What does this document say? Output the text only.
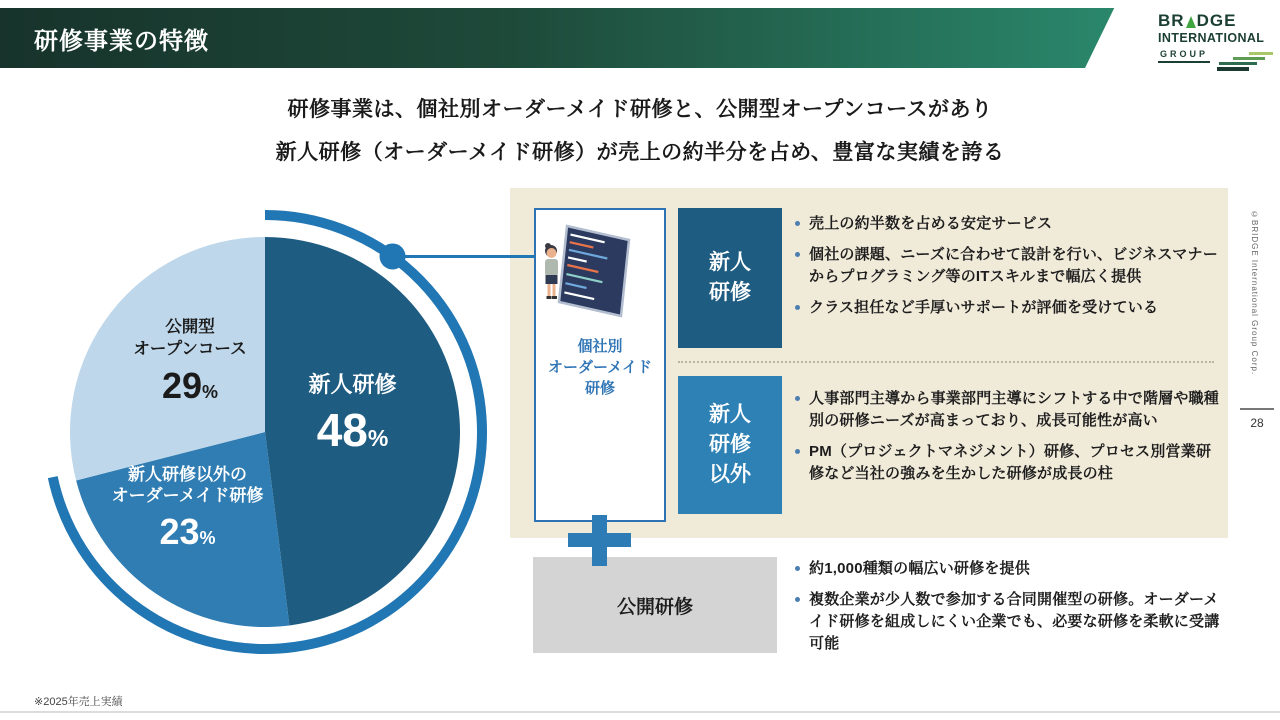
研修事業の特徴
BR DGE
INTERNATIONAL
GROUP
研修事業は、個社別オーダーメイド研修と、公開型オープンコースがあり
新人研修（オーダーメイド研修）が売上の約半分を占め、豊富な実績を誇る
公開型
オープンコース
29 %	新人研修
48 %
新人研修以外の
オーダーメイド研修
23 %
個社別
オーダーメイド
研修
新人
研修
新人
研修
以外
売上の約半数を占める安定サービス
個社の課題、ニーズに合わせて設計を行い、ビジネスマナーからプログラミング等のITスキルまで幅広く提供
クラス担任など手厚いサポートが評価を受けている
人事部門主導から事業部門主導にシフトする中で階層や職種別の研修ニーズが高まっており、成長可能性が高い
PM（プロジェクトマネジメント）研修、プロセス別営業研修など当社の強みを生かした研修が成長の柱
公開研修
約1,000種類の幅広い研修を提供
複数企業が少人数で参加する合同開催型の研修。オーダーメイド研修を組成しにくい企業でも、必要な研修を柔軟に受講可能
※2025年売上実績
©BRIDGE International Group Corp.
28
